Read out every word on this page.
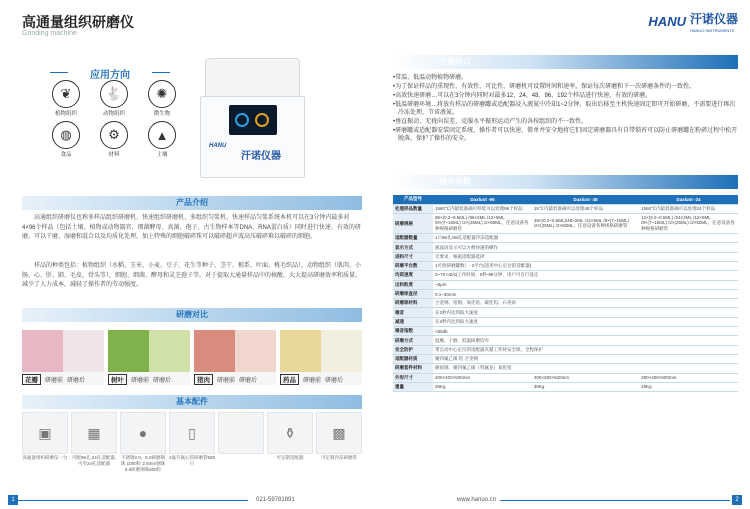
高通量组织研磨仪
Grinding machine
应用方向
❦
植物组织
🐇
动物组织
✺
微生物
◍
食品
⚙
材料
▲
土壤
HANU
汗诺仪器
产品介绍
高通组织研磨仪也称多样品组织研磨机、快速组织研磨机、多组织匀浆机、快速样品匀浆系统本机可以在3分钟内最多对4×96个样品（包括土壤、植物或动物器官、细菌酵母、真菌、孢子、古生物样本等DNA、RNA蛋白质）同时进行快速、有效的研磨。可以干磨、湿磨和混合以及均质化处理，加上特殊的细胞破碎珠可以破碎超声波高压破碎难以破碎的细胞。
样品的种类包括：植物组织（水稻、玉米、小麦、豆子、花生等种子、茎干、根系、叶面、桃毛织品），动物组织（肌肉、小肠、心、肝、肺、毛皮、骨头等），细胞、细菌、酵母和灵芝孢子等。对于提取大通量样品中的核酸，大大提高研磨效率和质量，减少了人力成本，减轻了操作者的劳动强度。
研磨对比
花瓣	研磨前 研磨后	树叶	研磨前 研磨后	猪肉	研磨前 研磨后	药品	研磨前 研磨后
基本配件
▣
高通量组织研磨仪一台
▦
可配96孔,24孔适配器,可至24孔适配器
●
不锈钢2.0、5.0研磨钢珠 1000粒 2.8mm钢珠5.0研磨钢珠500粒
▯
2毫升离心管研磨管500只
⚱
可定制适配器
▩
可定制冷冻研磨管
1	021-59781891
HANU 汗诺仪器
HANUO INSTRUMENTS
主要特点
•常温、低温动物植物研磨。
•为了保证样品的重现性、有效性、可比性，研磨机可设置时间和速率，保证每次研磨和下一次研磨条件的一致性。
•高效快速研磨…可以在3分钟内同时对最多12、24、48、96、192个样品进行快速、有效的研磨。
•低温研磨环境…将放有样品的研磨罐或适配器浸入液氮中冷却1~2分钟，取出后移至主机快速固定即可开始研磨，不需要进行再次冷冻处理，节省液氮。
•垂直振动、无拢向误差，克服水平振形运动产生的各按组织的不一致性。
•研磨罐或适配器安装固定系统，操作者可以快速、简单并安全地将它们固定研磨器具有自带锁苔可以防止研磨罐在粉碎过程中松开脱落，保护了操作的安全。
技术参数
产品型号	Daxluot -96	Daxluot -48	Daxluot -24
处理样品数量	1560℃内最低准确可样低可以处理96个样品	15℃内最低准确可以处理48个样品	1560℃内最低准确可以处理24个样品
研磨规格	96×(0.2~0.5ML) /96×2ML /12×5ML /8×(7~15ML) /2×(25ML) /2×50ML，任意设备各种规格研磨管	48×(0.2~0.5ML)/48×2ML /12×5ML /8×(7~15ML) /2×(25ML) /2×50ML，任意设备各种规格研磨管	12×(0.2~0.5ML) /24×2ML /12×5ML /8×(7~15ML) /2×(25ML) /2×50ML，任意设备各种规格研磨管
适配器数量	1只96孔/48孔适配器冷冻适配器		
显示方式	液晶屏显示可以方便快速的操作		
进料尺寸	无要求，根据适配器选择		
研磨平台数	1可放研磨罐数）- 2平台(适用中心定位的适配器)		
均质速度	0~70 HZ/s(工作时间：0秒-99分钟，用户可自行设定		
出料粒度	~5μm		
研磨球直径	0.1~30mm		
研磨球材料	合金钢、锆钢、氧化锆、碳化钨、石英砂		
噪音	在2秒内达到取大速度		
减速	在2秒内达到取大速度		
噪音指数	<55db		
研磨方式	湿磨、干磨、低温研磨均可		
安全防护	带自动中心定位的适配器夹紧工作时安全锁、全程保护		
适配器材质	聚四氟乙烯 铝 合金钢		
研磨套件材料	硬质钢、聚四氟乙烯（特氟龙）氧化锆		
外形尺寸	400×400×500mm	400×280×520mm	280×400×500mm
重量	35Kg	30Kg	25Kg
www.hanuo.cn	2
